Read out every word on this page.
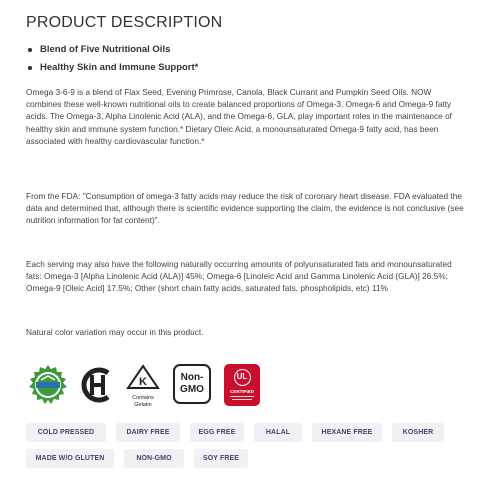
PRODUCT DESCRIPTION
Blend of Five Nutritional Oils
Healthy Skin and Immune Support*

Omega 3-6-9 is a blend of Flax Seed, Evening Primrose, Canola, Black Currant and Pumpkin Seed Oils. NOW combines these well-known nutritional oils to create balanced proportions of Omega-3, Omega-6 and Omega-9 fatty acids. The Omega-3, Alpha Linolenic Acid (ALA), and the Omega-6, GLA, play important roles in the maintenance of healthy skin and immune system function.* Dietary Oleic Acid, a monounsaturated Omega-9 fatty acid, has been associated with healthy cardiovascular function.*

From the FDA: "Consumption of omega-3 fatty acids may reduce the risk of coronary heart disease. FDA evaluated the data and determined that, although there is scientific evidence supporting the claim, the evidence is not conclusive (see nutrition information for fat content)".

Each serving may also have the following naturally occurring amounts of polyunsaturated fats and monounsaturated fats: Omega-3 [Alpha Linolenic Acid (ALA)] 45%; Omega-6 [Linoleic Acid and Gamma Linolenic Acid (GLA)] 26.5%; Omega-9 [Oleic Acid] 17.5%; Other (short chain fatty acids, saturated fats, phospholipids, etc) 11%

Natural color variation may occur in this product.

K
Contains
Gelatin
Non-
GMO
UL
CERTIFIED
COLD PRESSED	DAIRY FREE	EGG FREE	HALAL	HEXANE FREE	KOSHER
MADE W/O GLUTEN	NON-GMO	SOY FREE
